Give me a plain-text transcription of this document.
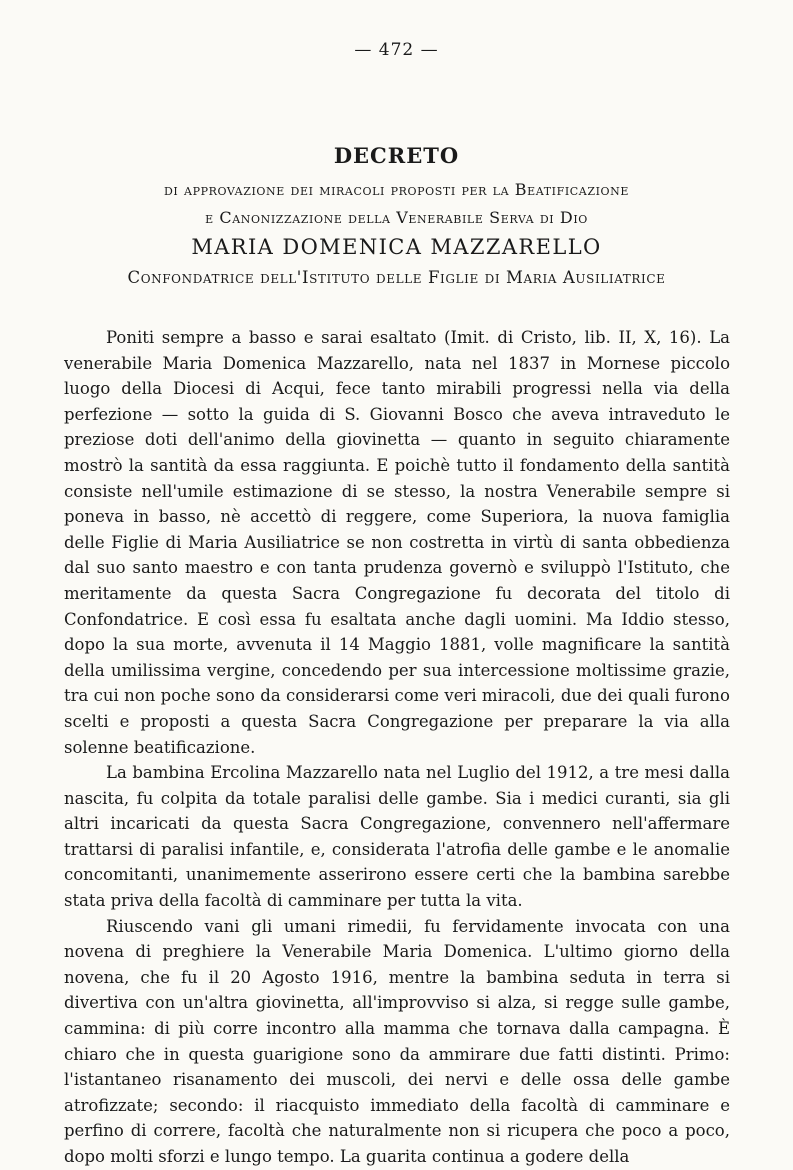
— 472 —
DECRETO
di approvazione dei miracoli proposti per la Beatificazione
e Canonizzazione della Venerabile Serva di Dio
MARIA DOMENICA MAZZARELLO
Confondatrice dell'Istituto delle Figlie di Maria Ausiliatrice

Poniti sempre a basso e sarai esaltato (Imit. di Cristo, lib. II, X, 16). La venerabile Maria Domenica Mazzarello, nata nel 1837 in Mornese piccolo luogo della Diocesi di Acqui, fece tanto mirabili progressi nella via della perfezione — sotto la guida di S. Giovanni Bosco che aveva intraveduto le preziose doti dell'animo della giovinetta — quanto in seguito chiaramente mostrò la santità da essa raggiunta. E poichè tutto il fondamento della santità consiste nell'umile estimazione di se stesso, la nostra Venerabile sempre si poneva in basso, nè accettò di reggere, come Superiora, la nuova famiglia delle Figlie di Maria Ausiliatrice se non costretta in virtù di santa obbedienza dal suo santo maestro e con tanta prudenza governò e sviluppò l'Istituto, che meritamente da questa Sacra Congregazione fu decorata del titolo di Confondatrice. E così essa fu esaltata anche dagli uomini. Ma Iddio stesso, dopo la sua morte, avvenuta il 14 Maggio 1881, volle magnificare la santità della umilissima vergine, concedendo per sua intercessione moltissime grazie, tra cui non poche sono da considerarsi come veri miracoli, due dei quali furono scelti e proposti a questa Sacra Congregazione per preparare la via alla solenne beatificazione.

La bambina Ercolina Mazzarello nata nel Luglio del 1912, a tre mesi dalla nascita, fu colpita da totale paralisi delle gambe. Sia i medici curanti, sia gli altri incaricati da questa Sacra Congregazione, convennero nell'affermare trattarsi di paralisi infantile, e, considerata l'atrofia delle gambe e le anomalie concomitanti, unanimemente asserirono essere certi che la bambina sarebbe stata priva della facoltà di camminare per tutta la vita.

Riuscendo vani gli umani rimedii, fu fervidamente invocata con una novena di preghiere la Venerabile Maria Domenica. L'ultimo giorno della novena, che fu il 20 Agosto 1916, mentre la bambina seduta in terra si divertiva con un'altra giovinetta, all'improvviso si alza, si regge sulle gambe, cammina: di più corre incontro alla mamma che tornava dalla campagna. È chiaro che in questa guarigione sono da ammirare due fatti distinti. Primo: l'istantaneo risanamento dei muscoli, dei nervi e delle ossa delle gambe atrofizzate; secondo: il riacquisto immediato della facoltà di camminare e perfino di correre, facoltà che naturalmente non si ricupera che poco a poco, dopo molti sforzi e lungo tempo. La guarita continua a godere della
